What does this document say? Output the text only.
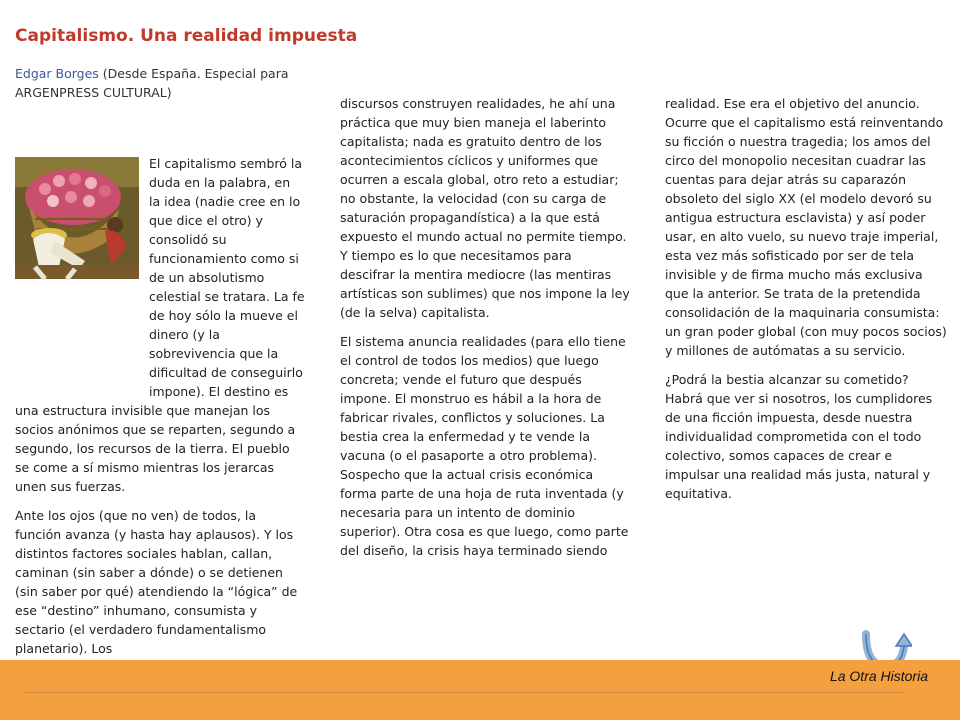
Capitalismo. Una realidad impuesta
Edgar Borges (Desde España. Especial para ARGENPRESS CULTURAL)

El capitalismo sembró la duda en la palabra, en la idea (nadie cree en lo que dice el otro) y consolidó su funcionamiento como si de un absolutismo celestial se tratara. La fe de hoy sólo la mueve el dinero (y la sobrevivencia que la dificultad de conseguirlo impone). El destino es una estructura invisible que manejan los socios anónimos que se reparten, segundo a segundo, los recursos de la tierra. El pueblo se come a sí mismo mientras los jerarcas unen sus fuerzas.

Ante los ojos (que no ven) de todos, la función avanza (y hasta hay aplausos). Y los distintos factores sociales hablan, callan, caminan (sin saber a dónde) o se detienen (sin saber por qué) atendiendo la “lógica” de ese “destino” inhumano, consumista y sectario (el verdadero fundamentalismo planetario). Los

discursos construyen realidades, he ahí una práctica que muy bien maneja el laberinto capitalista; nada es gratuito dentro de los acontecimientos cíclicos y uniformes que ocurren a escala global, otro reto a estudiar; no obstante, la velocidad (con su carga de saturación propagandística) a la que está expuesto el mundo actual no permite tiempo. Y tiempo es lo que necesitamos para descifrar la mentira mediocre (las mentiras artísticas son sublimes) que nos impone la ley (de la selva) capitalista.

El sistema anuncia realidades (para ello tiene el control de todos los medios) que luego concreta; vende el futuro que después impone. El monstruo es hábil a la hora de fabricar rivales, conflictos y soluciones. La bestia crea la enfermedad y te vende la vacuna (o el pasaporte a otro problema). Sospecho que la actual crisis económica forma parte de una hoja de ruta inventada (y necesaria para un intento de dominio superior). Otra cosa es que luego, como parte del diseño, la crisis haya terminado siendo

realidad. Ese era el objetivo del anuncio. Ocurre que el capitalismo está reinventando su ficción o nuestra tragedia; los amos del circo del monopolio necesitan cuadrar las cuentas para dejar atrás su caparazón obsoleto del siglo XX (el modelo devoró su antigua estructura esclavista) y así poder usar, en alto vuelo, su nuevo traje imperial, esta vez más sofisticado por ser de tela invisible y de firma mucho más exclusiva que la anterior. Se trata de la pretendida consolidación de la maquinaria consumista: un gran poder global (con muy pocos socios) y millones de autómatas a su servicio.

¿Podrá la bestia alcanzar su cometido? Habrá que ver si nosotros, los cumplidores de una ficción impuesta, desde nuestra individualidad comprometida con el todo colectivo, somos capaces de crear e impulsar una realidad más justa, natural y equitativa.

La Otra Historia
